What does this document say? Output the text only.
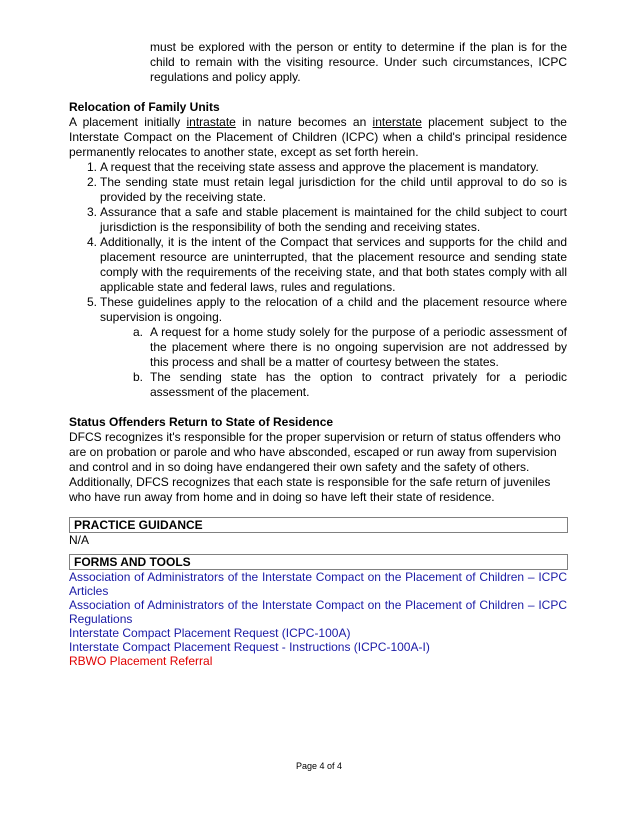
must be explored with the person or entity to determine if the plan is for the child to remain with the visiting resource. Under such circumstances, ICPC regulations and policy apply.
Relocation of Family Units
A placement initially intrastate in nature becomes an interstate placement subject to the Interstate Compact on the Placement of Children (ICPC) when a child's principal residence permanently relocates to another state, except as set forth herein.
1. A request that the receiving state assess and approve the placement is mandatory.
2. The sending state must retain legal jurisdiction for the child until approval to do so is provided by the receiving state.
3. Assurance that a safe and stable placement is maintained for the child subject to court jurisdiction is the responsibility of both the sending and receiving states.
4. Additionally, it is the intent of the Compact that services and supports for the child and placement resource are uninterrupted, that the placement resource and sending state comply with the requirements of the receiving state, and that both states comply with all applicable state and federal laws, rules and regulations.
5. These guidelines apply to the relocation of a child and the placement resource where supervision is ongoing.
a. A request for a home study solely for the purpose of a periodic assessment of the placement where there is no ongoing supervision are not addressed by this process and shall be a matter of courtesy between the states.
b. The sending state has the option to contract privately for a periodic assessment of the placement.
Status Offenders Return to State of Residence
DFCS recognizes it's responsible for the proper supervision or return of status offenders who are on probation or parole and who have absconded, escaped or run away from supervision and control and in so doing have endangered their own safety and the safety of others. Additionally, DFCS recognizes that each state is responsible for the safe return of juveniles who have run away from home and in doing so have left their state of residence.
PRACTICE GUIDANCE
N/A
FORMS AND TOOLS
Association of Administrators of the Interstate Compact on the Placement of Children – ICPC Articles
Association of Administrators of the Interstate Compact on the Placement of Children – ICPC Regulations
Interstate Compact Placement Request (ICPC-100A)
Interstate Compact Placement Request - Instructions (ICPC-100A-I)
RBWO Placement Referral
Page 4 of 4
